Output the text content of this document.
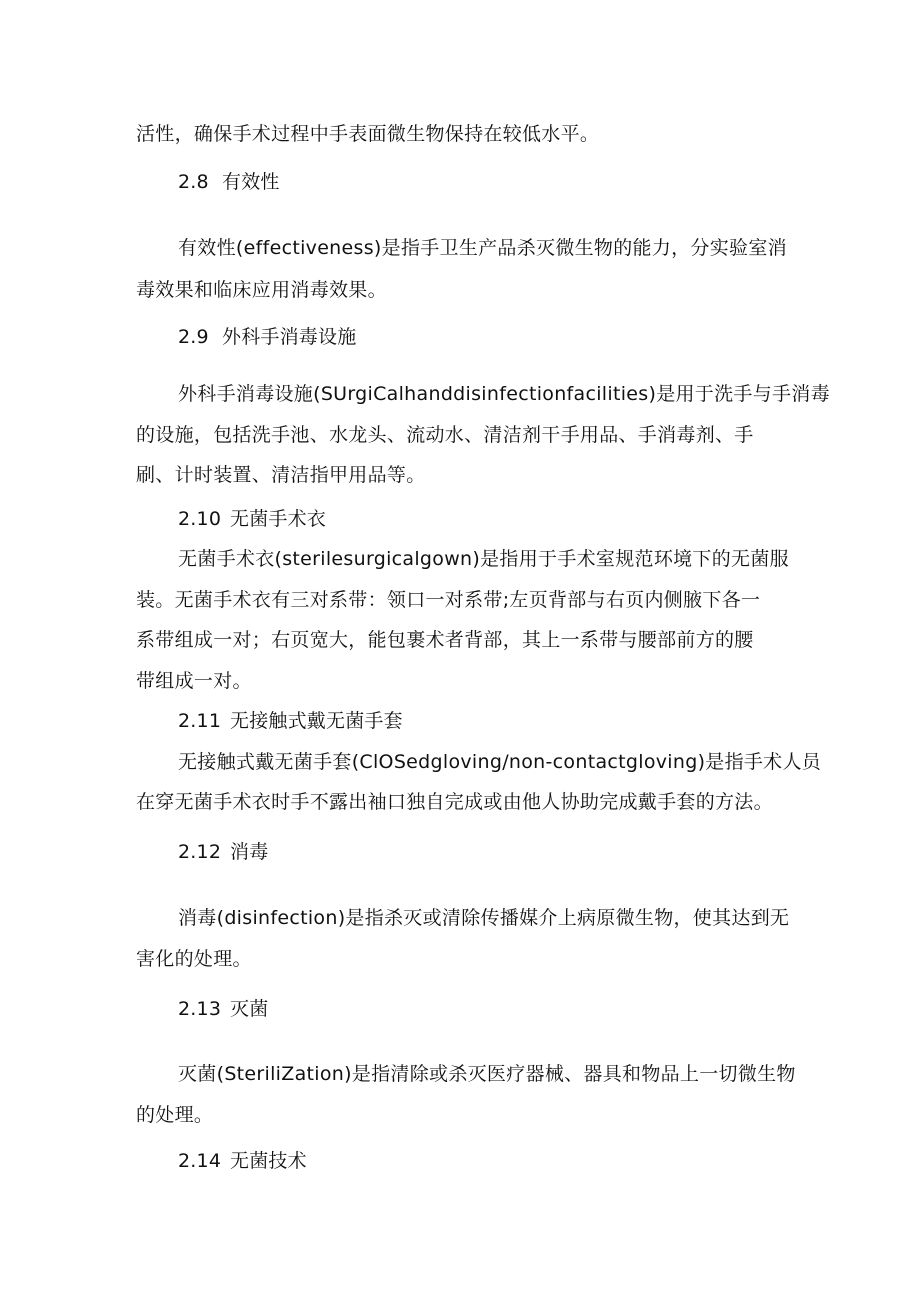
活性，确保手术过程中手表面微生物保持在较低水平。
2.8 有效性
有效性(effectiveness)是指手卫生产品杀灭微生物的能力，分实验室消
毒效果和临床应用消毒效果。
2.9 外科手消毒设施
外科手消毒设施(SUrgiCalhanddisinfectionfacilities)是用于洗手与手消毒
的设施，包括洗手池、水龙头、流动水、清洁剂干手用品、手消毒剂、手
刷、计时装置、清洁指甲用品等。
2.10 无菌手术衣
无菌手术衣(sterilesurgicalgown)是指用于手术室规范环境下的无菌服
装。无菌手术衣有三对系带：领口一对系带;左页背部与右页内侧腋下各一
系带组成一对；右页宽大，能包裹术者背部，其上一系带与腰部前方的腰
带组成一对。
2.11 无接触式戴无菌手套
无接触式戴无菌手套(ClOSedgloving/non-contactgloving)是指手术人员
在穿无菌手术衣时手不露出袖口独自完成或由他人协助完成戴手套的方法。
2.12 消毒
消毒(disinfection)是指杀灭或清除传播媒介上病原微生物，使其达到无
害化的处理。
2.13 灭菌
灭菌(SteriliZation)是指清除或杀灭医疗器械、器具和物品上一切微生物
的处理。
2.14 无菌技术
